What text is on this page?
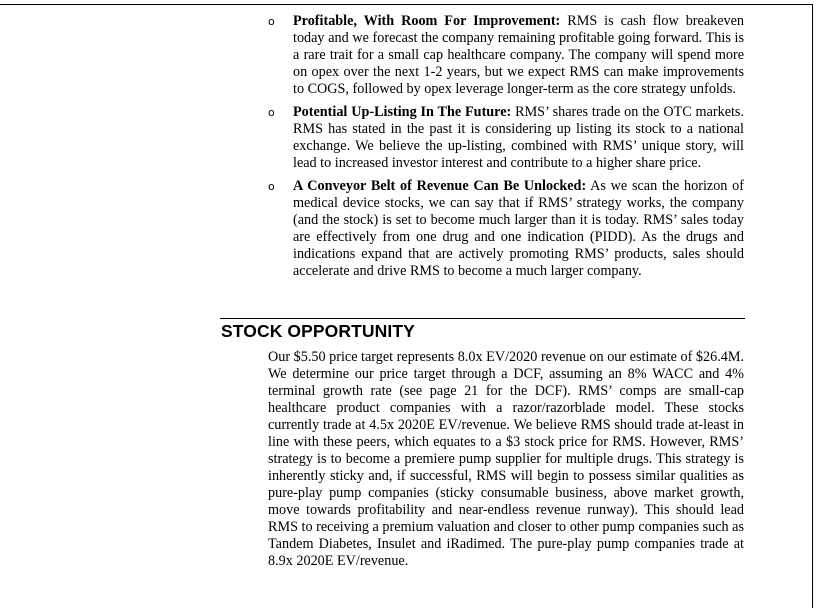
o Profitable, With Room For Improvement: RMS is cash flow breakeven today and we forecast the company remaining profitable going forward. This is a rare trait for a small cap healthcare company. The company will spend more on opex over the next 1-2 years, but we expect RMS can make improvements to COGS, followed by opex leverage longer-term as the core strategy unfolds.

o Potential Up-Listing In The Future: RMS’ shares trade on the OTC markets. RMS has stated in the past it is considering up listing its stock to a national exchange. We believe the up-listing, combined with RMS’ unique story, will lead to increased investor interest and contribute to a higher share price.

o A Conveyor Belt of Revenue Can Be Unlocked: As we scan the horizon of medical device stocks, we can say that if RMS’ strategy works, the company (and the stock) is set to become much larger than it is today. RMS’ sales today are effectively from one drug and one indication (PIDD). As the drugs and indications expand that are actively promoting RMS’ products, sales should accelerate and drive RMS to become a much larger company.

STOCK OPPORTUNITY

Our $5.50 price target represents 8.0x EV/2020 revenue on our estimate of $26.4M. We determine our price target through a DCF, assuming an 8% WACC and 4% terminal growth rate (see page 21 for the DCF). RMS’ comps are small-cap healthcare product companies with a razor/razorblade model. These stocks currently trade at 4.5x 2020E EV/revenue. We believe RMS should trade at-least in line with these peers, which equates to a $3 stock price for RMS. However, RMS’ strategy is to become a premiere pump supplier for multiple drugs. This strategy is inherently sticky and, if successful, RMS will begin to possess similar qualities as pure-play pump companies (sticky consumable business, above market growth, move towards profitability and near-endless revenue runway). This should lead RMS to receiving a premium valuation and closer to other pump companies such as Tandem Diabetes, Insulet and iRadimed. The pure-play pump companies trade at 8.9x 2020E EV/revenue.
